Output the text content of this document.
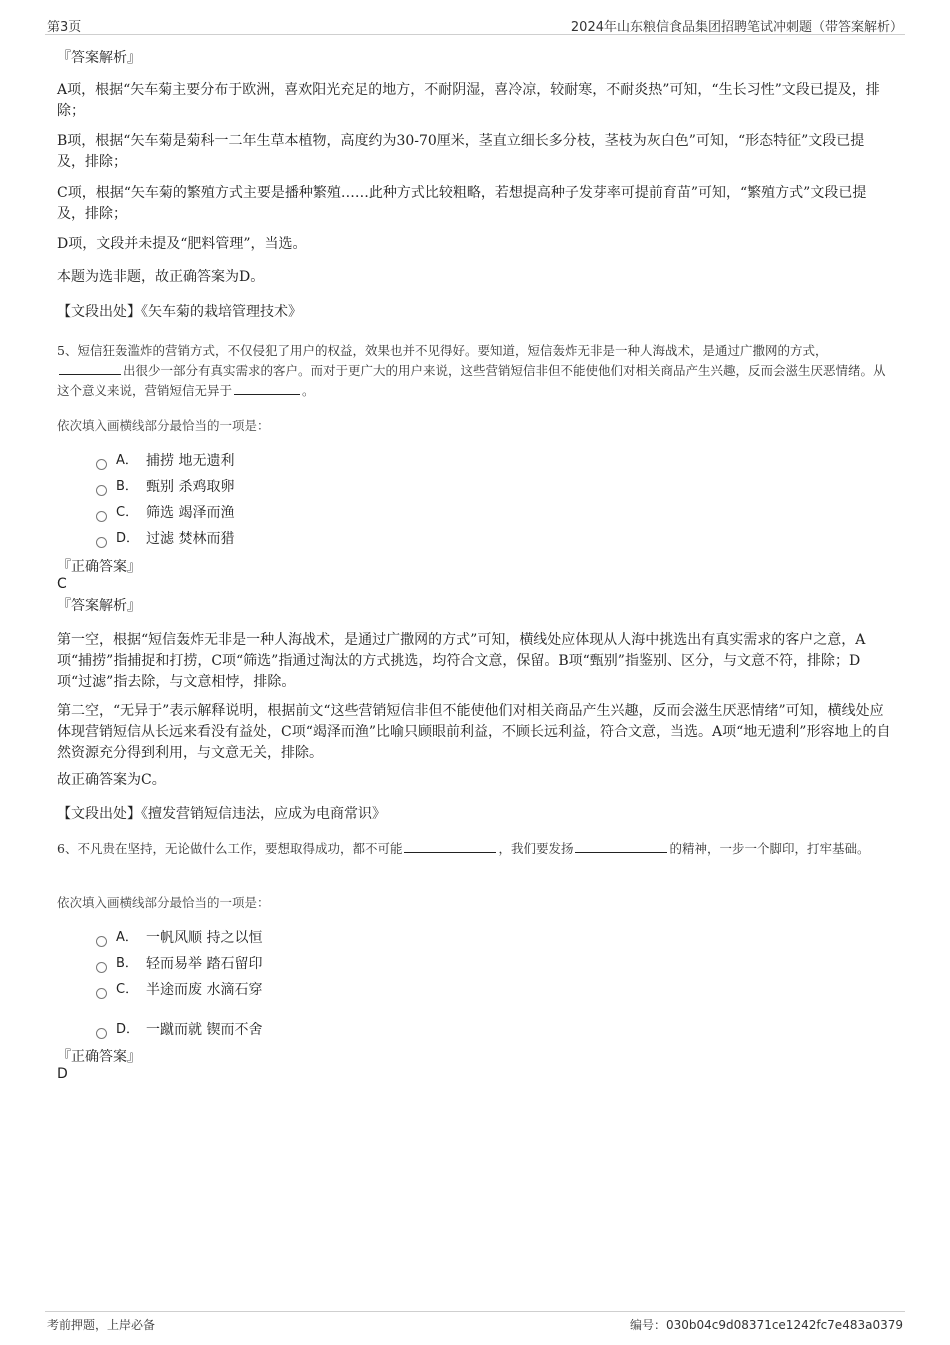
第3页	2024年山东粮信食品集团招聘笔试冲刺题（带答案解析）
『答案解析』
A项，根据“矢车菊主要分布于欧洲，喜欢阳光充足的地方，不耐阴湿，喜冷凉，较耐寒，不耐炎热”可知，“生长习性”文段已提及，排除；
B项，根据“矢车菊是菊科一二年生草本植物，高度约为30-70厘米，茎直立细长多分枝，茎枝为灰白色”可知，“形态特征”文段已提及，排除；
C项，根据“矢车菊的繁殖方式主要是播种繁殖……此种方式比较粗略，若想提高种子发芽率可提前育苗”可知，“繁殖方式”文段已提及，排除；
D项，文段并未提及“肥料管理”，当选。
本题为选非题，故正确答案为D。
【文段出处】《矢车菊的栽培管理技术》
5、短信狂轰滥炸的营销方式，不仅侵犯了用户的权益，效果也并不见得好。要知道，短信轰炸无非是一种人海战术，是通过广撒网的方式，出很少一部分有真实需求的客户。而对于更广大的用户来说，这些营销短信非但不能使他们对相关商品产生兴趣，反而会滋生厌恶情绪。从这个意义来说，营销短信无异于	。
依次填入画横线部分最恰当的一项是：
A． 捕捞 地无遗利
B． 甄别 杀鸡取卵
C． 筛选 竭泽而渔
D． 过滤 焚林而猎
『正确答案』
C
『答案解析』
第一空，根据“短信轰炸无非是一种人海战术，是通过广撒网的方式”可知，横线处应体现从人海中挑选出有真实需求的客户之意，A项“捕捞”指捕捉和打捞，C项“筛选”指通过淘汰的方式挑选，均符合文意，保留。B项“甄别”指鉴别、区分，与文意不符，排除；D项“过滤”指去除，与文意相悖，排除。
第二空，“无异于”表示解释说明，根据前文“这些营销短信非但不能使他们对相关商品产生兴趣，反而会滋生厌恶情绪”可知，横线处应体现营销短信从长远来看没有益处，C项“竭泽而渔”比喻只顾眼前利益，不顾长远利益，符合文意，当选。A项“地无遗利”形容地上的自然资源充分得到利用，与文意无关，排除。
故正确答案为C。
【文段出处】《擅发营销短信违法，应成为电商常识》
6、不凡贵在坚持，无论做什么工作，要想取得成功，都不可能	，我们要发扬	的精神，一步一个脚印，打牢基础。
依次填入画横线部分最恰当的一项是：
A． 一帆风顺 持之以恒
B． 轻而易举 踏石留印
C． 半途而废 水滴石穿
D． 一蹴而就 锲而不舍
『正确答案』
D
考前押题，上岸必备	编号：030b04c9d08371ce1242fc7e483a0379
